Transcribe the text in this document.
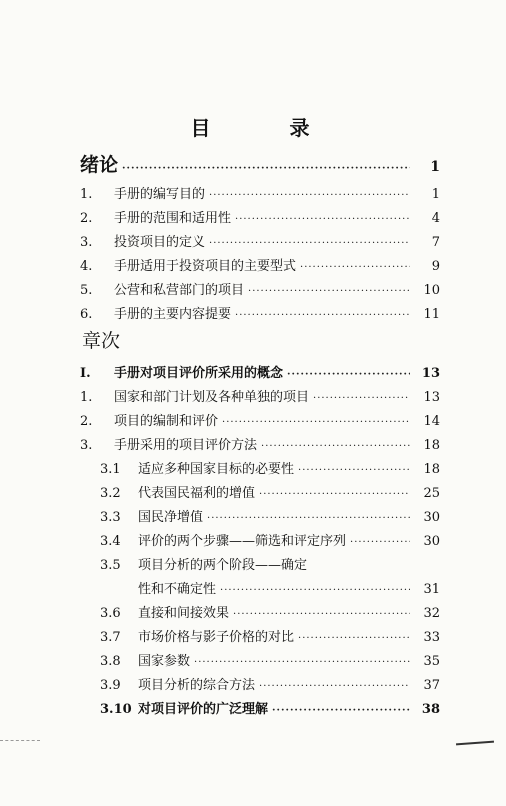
目 录
绪论 ·····	1
1.	手册的编写目的 ·····	1
2.	手册的范围和适用性 ·····	4
3.	投资项目的定义 ·····	7
4.	手册适用于投资项目的主要型式 ·····	9
5.	公营和私营部门的项目 ·····	10
6.	手册的主要内容提要 ·····	11
章次
I.	手册对项目评价所采用的概念 ·····	13
1.	国家和部门计划及各种单独的项目 ·····	13
2.	项目的编制和评价 ·····	14
3.	手册采用的项目评价方法 ·····	18
3.1	适应多种国家目标的必要性 ·····	18
3.2	代表国民福利的增值 ·····	25
3.3	国民净增值 ·····	30
3.4	评价的两个步骤——筛选和评定序列 ·····	30
3.5	项目分析的两个阶段——确定
性和不确定性 ·····	31
3.6	直接和间接效果 ·····	32
3.7	市场价格与影子价格的对比 ·····	33
3.8	国家参数 ·····	35
3.9	项目分析的综合方法 ·····	37
3.10 对项目评价的广泛理解 ·····	38
